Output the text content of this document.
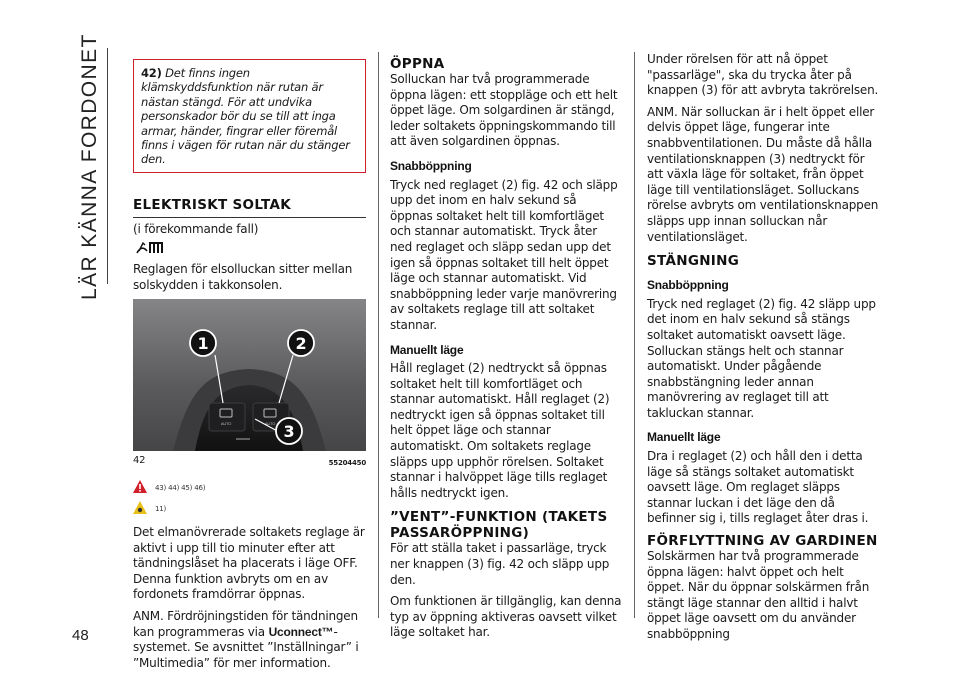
LÄR KÄNNA FORDONET
48
42) Det finns ingen klämskyddsfunktion när rutan är nästan stängd. För att undvika personskador bör du se till att inga armar, händer, fingrar eller föremål finns i vägen för rutan när du stänger den.
ELEKTRISKT SOLTAK

(i förekommande fall)

Reglagen för elsolluckan sitter mellan solskydden i takkonsolen.

AUTO	AUTO
1	2
3
42	55204450
43) 44) 45) 46)
11)

Det elmanövrerade soltakets reglage är aktivt i upp till tio minuter efter att tändningslåset ha placerats i läge OFF. Denna funktion avbryts om en av fordonets framdörrar öppnas.

ANM. Fördröjningstiden för tändningen kan programmeras via Uconnect™-systemet. Se avsnittet ”Inställningar” i ”Multimedia” för mer information.

ÖPPNA

Solluckan har två programmerade öppna lägen: ett stoppläge och ett helt öppet läge. Om solgardinen är stängd, leder soltakets öppningskommando till att även solgardinen öppnas.

Snabböppning

Tryck ned reglaget (2) fig. 42 och släpp upp det inom en halv sekund så öppnas soltaket helt till komfortläget och stannar automatiskt. Tryck åter ned reglaget och släpp sedan upp det igen så öppnas soltaket till helt öppet läge och stannar automatiskt. Vid snabböppning leder varje manövrering av soltakets reglage till att soltaket stannar.

Manuellt läge

Håll reglaget (2) nedtryckt så öppnas soltaket helt till komfortläget och stannar automatiskt. Håll reglaget (2) nedtryckt igen så öppnas soltaket till helt öppet läge och stannar automatiskt. Om soltakets reglage släpps upp upphör rörelsen. Soltaket stannar i halvöppet läge tills reglaget hålls nedtryckt igen.

”VENT”-FUNKTION (TAKETS PASSARÖPPNING)

För att ställa taket i passarläge, tryck ner knappen (3) fig. 42 och släpp upp den.

Om funktionen är tillgänglig, kan denna typ av öppning aktiveras oavsett vilket läge soltaket har.

Under rörelsen för att nå öppet "passarläge", ska du trycka åter på knappen (3) för att avbryta takrörelsen.

ANM. När solluckan är i helt öppet eller delvis öppet läge, fungerar inte snabbventilationen. Du måste då hålla ventilationsknappen (3) nedtryckt för att växla läge för soltaket, från öppet läge till ventilationsläget. Solluckans rörelse avbryts om ventilationsknappen släpps upp innan solluckan når ventilationsläget.

STÄNGNING
Snabböppning

Tryck ned reglaget (2) fig. 42 släpp upp det inom en halv sekund så stängs soltaket automatiskt oavsett läge. Solluckan stängs helt och stannar automatiskt. Under pågående snabbstängning leder annan manövrering av reglaget till att takluckan stannar.

Manuellt läge

Dra i reglaget (2) och håll den i detta läge så stängs soltaket automatiskt oavsett läge. Om reglaget släpps stannar luckan i det läge den då befinner sig i, tills reglaget åter dras i.

FÖRFLYTTNING AV GARDINEN

Solskärmen har två programmerade öppna lägen: halvt öppet och helt öppet. När du öppnar solskärmen från stängt läge stannar den alltid i halvt öppet läge oavsett om du använder snabböppning
